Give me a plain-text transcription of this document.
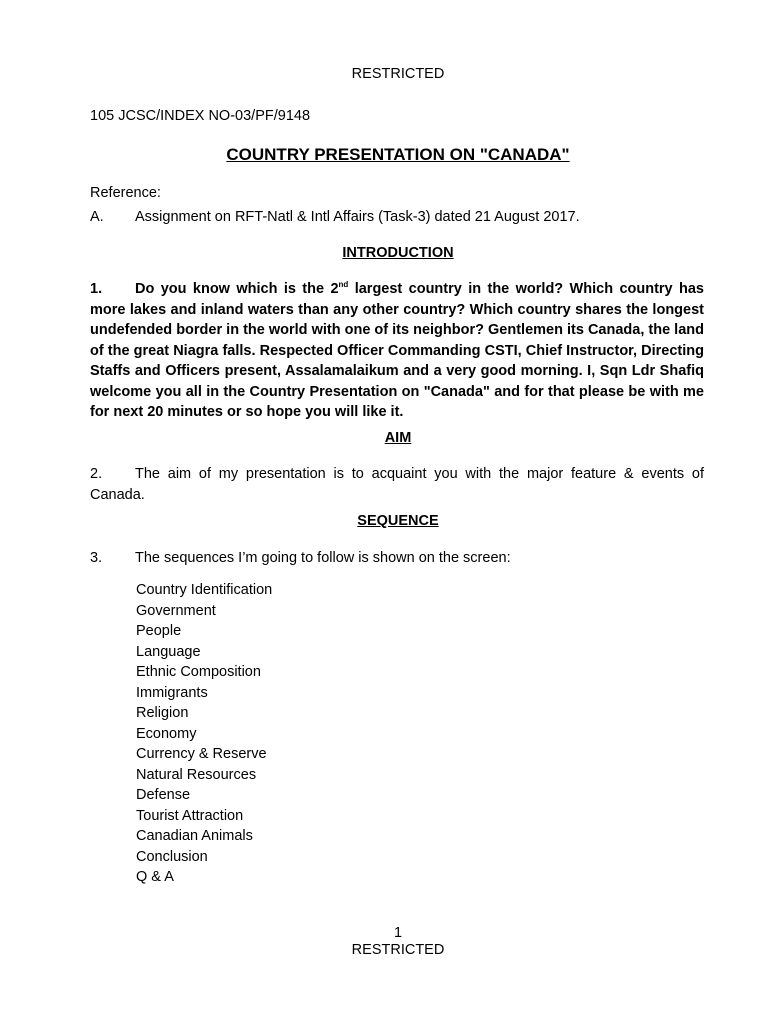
RESTRICTED
105 JCSC/INDEX NO-03/PF/9148
COUNTRY PRESENTATION ON "CANADA"
Reference:
A. Assignment on RFT-Natl & Intl Affairs (Task-3) dated 21 August 2017.
INTRODUCTION
1. Do you know which is the 2nd largest country in the world? Which country has more lakes and inland waters than any other country? Which country shares the longest undefended border in the world with one of its neighbor? Gentlemen its Canada, the land of the great Niagra falls. Respected Officer Commanding CSTI, Chief Instructor, Directing Staffs and Officers present, Assalamalaikum and a very good morning. I, Sqn Ldr Shafiq welcome you all in the Country Presentation on "Canada" and for that please be with me for next 20 minutes or so hope you will like it.
AIM
2. The aim of my presentation is to acquaint you with the major feature & events of Canada.
SEQUENCE
3. The sequences I’m going to follow is shown on the screen:
Country Identification
Government
People
Language
Ethnic Composition
Immigrants
Religion
Economy
Currency & Reserve
Natural Resources
Defense
Tourist Attraction
Canadian Animals
Conclusion
Q & A
1
RESTRICTED
